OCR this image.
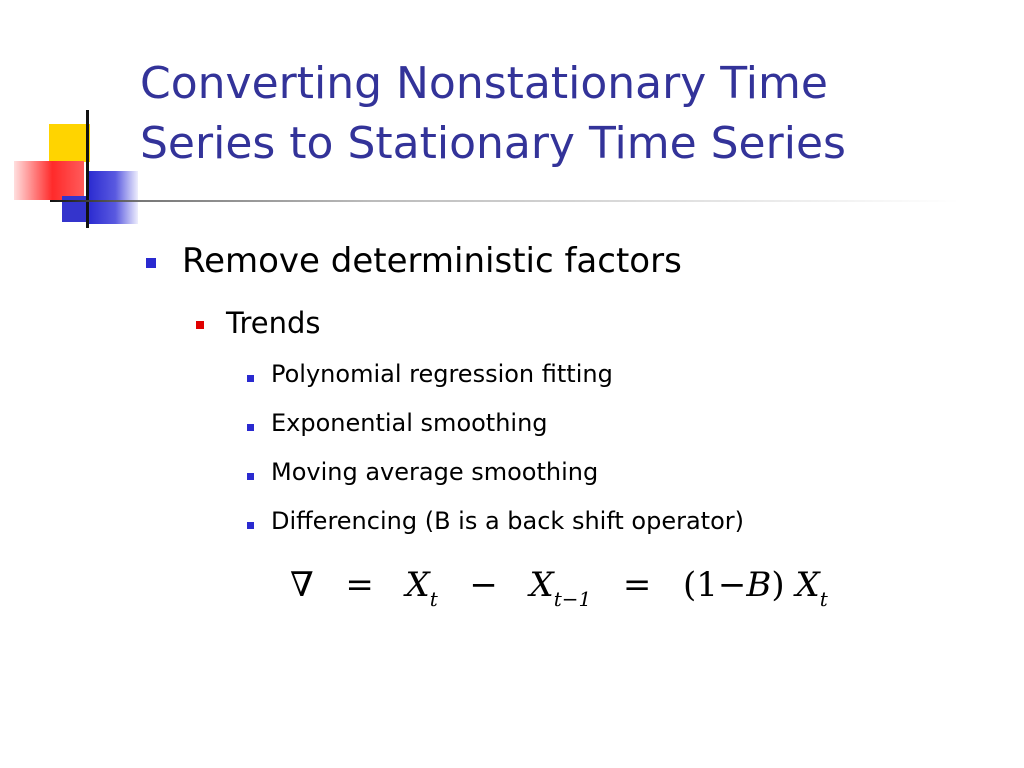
Converting Nonstationary Time
Series to Stationary Time Series
Remove deterministic factors
Trends
Polynomial regression fitting
Exponential smoothing
Moving average smoothing
Differencing (B is a back shift operator)
∇ = $X_t - X_{t-1} = (1-B)$ $X_t$
